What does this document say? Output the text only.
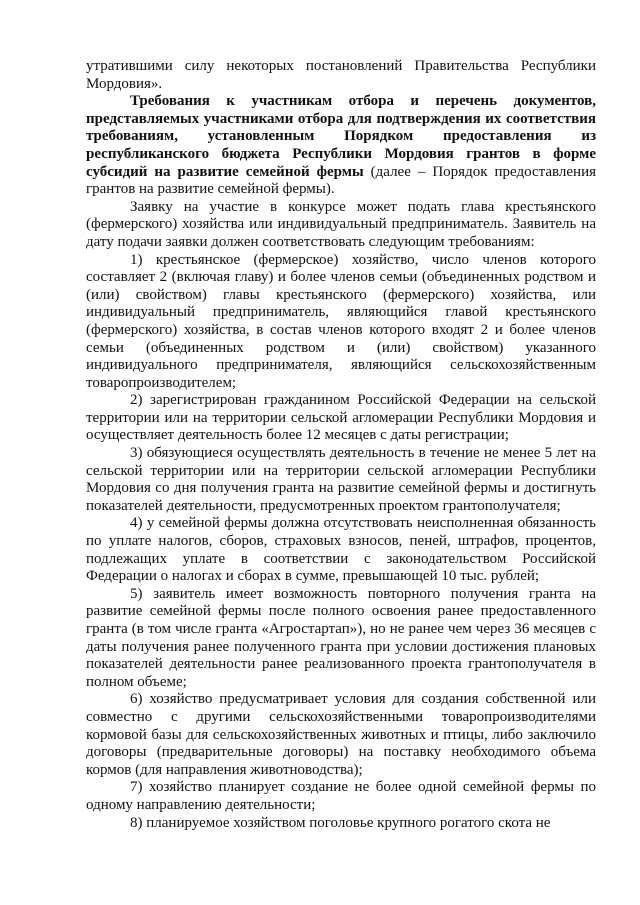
утратившими силу некоторых постановлений Правительства Республики Мордовия».

Требования к участникам отбора и перечень документов, представляемых участниками отбора для подтверждения их соответствия требованиям, установленным Порядком предоставления из республиканского бюджета Республики Мордовия грантов в форме субсидий на развитие семейной фермы (далее – Порядок предоставления грантов на развитие семейной фермы).

Заявку на участие в конкурсе может подать глава крестьянского (фермерского) хозяйства или индивидуальный предприниматель. Заявитель на дату подачи заявки должен соответствовать следующим требованиям:

1) крестьянское (фермерское) хозяйство, число членов которого составляет 2 (включая главу) и более членов семьи (объединенных родством и (или) свойством) главы крестьянского (фермерского) хозяйства, или индивидуальный предприниматель, являющийся главой крестьянского (фермерского) хозяйства, в состав членов которого входят 2 и более членов семьи (объединенных родством и (или) свойством) указанного индивидуального предпринимателя, являющийся сельскохозяйственным товаропроизводителем;

2) зарегистрирован гражданином Российской Федерации на сельской территории или на территории сельской агломерации Республики Мордовия и осуществляет деятельность более 12 месяцев с даты регистрации;

3) обязующиеся осуществлять деятельность в течение не менее 5 лет на сельской территории или на территории сельской агломерации Республики Мордовия со дня получения гранта на развитие семейной фермы и достигнуть показателей деятельности, предусмотренных проектом грантополучателя;

4) у семейной фермы должна отсутствовать неисполненная обязанность по уплате налогов, сборов, страховых взносов, пеней, штрафов, процентов, подлежащих уплате в соответствии с законодательством Российской Федерации о налогах и сборах в сумме, превышающей 10 тыс. рублей;

5) заявитель имеет возможность повторного получения гранта на развитие семейной фермы после полного освоения ранее предоставленного гранта (в том числе гранта «Агростартап»), но не ранее чем через 36 месяцев с даты получения ранее полученного гранта при условии достижения плановых показателей деятельности ранее реализованного проекта грантополучателя в полном объеме;

6) хозяйство предусматривает условия для создания собственной или совместно с другими сельскохозяйственными товаропроизводителями кормовой базы для сельскохозяйственных животных и птицы, либо заключило договоры (предварительные договоры) на поставку необходимого объема кормов (для направления животноводства);

7) хозяйство планирует создание не более одной семейной фермы по одному направлению деятельности;

8) планируемое хозяйством поголовье крупного рогатого скота не
